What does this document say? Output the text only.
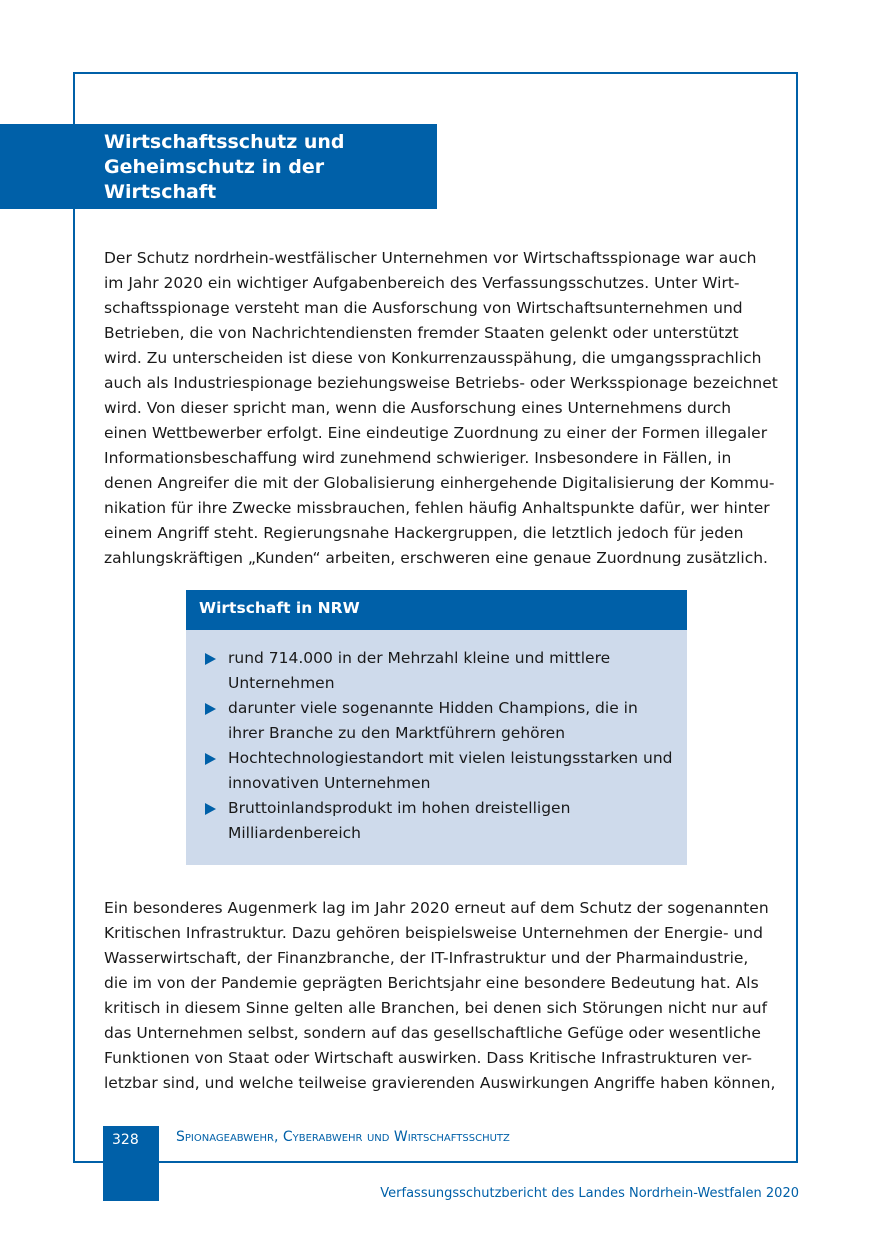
Wirtschaftsschutz und
Geheimschutz in der
Wirtschaft

Der Schutz nordrhein-westfälischer Unternehmen vor Wirtschaftsspionage war auch
im Jahr 2020 ein wichtiger Aufgabenbereich des Verfassungsschutzes. Unter Wirt-
schaftsspionage versteht man die Ausforschung von Wirtschaftsunternehmen und
Betrieben, die von Nachrichtendiensten fremder Staaten gelenkt oder unterstützt
wird. Zu unterscheiden ist diese von Konkurrenzausspähung, die umgangssprachlich
auch als Industriespionage beziehungsweise Betriebs- oder Werksspionage bezeichnet
wird. Von dieser spricht man, wenn die Ausforschung eines Unternehmens durch
einen Wettbewerber erfolgt. Eine eindeutige Zuordnung zu einer der Formen illegaler
Informationsbeschaffung wird zunehmend schwieriger. Insbesondere in Fällen, in
denen Angreifer die mit der Globalisierung einhergehende Digitalisierung der Kommu-
nikation für ihre Zwecke missbrauchen, fehlen häufig Anhaltspunkte dafür, wer hinter
einem Angriff steht. Regierungsnahe Hackergruppen, die letztlich jedoch für jeden
zahlungskräftigen „Kunden“ arbeiten, erschweren eine genaue Zuordnung zusätzlich.

Wirtschaft in NRW
rund 714.000 in der Mehrzahl kleine und mittlere
Unternehmen
darunter viele sogenannte Hidden Champions, die in
ihrer Branche zu den Marktführern gehören
Hochtechnologiestandort mit vielen leistungsstarken und
innovativen Unternehmen
Bruttoinlandsprodukt im hohen dreistelligen
Milliardenbereich

Ein besonderes Augenmerk lag im Jahr 2020 erneut auf dem Schutz der sogenannten
Kritischen Infrastruktur. Dazu gehören beispielsweise Unternehmen der Energie- und
Wasserwirtschaft, der Finanzbranche, der IT-Infrastruktur und der Pharmaindustrie,
die im von der Pandemie geprägten Berichtsjahr eine besondere Bedeutung hat. Als
kritisch in diesem Sinne gelten alle Branchen, bei denen sich Störungen nicht nur auf
das Unternehmen selbst, sondern auf das gesellschaftliche Gefüge oder wesentliche
Funktionen von Staat oder Wirtschaft auswirken. Dass Kritische Infrastrukturen ver-
letzbar sind, und welche teilweise gravierenden Auswirkungen Angriffe haben können,

328	Spionageabwehr, Cyberabwehr und Wirtschaftsschutz
Verfassungsschutzbericht des Landes Nordrhein-Westfalen 2020
